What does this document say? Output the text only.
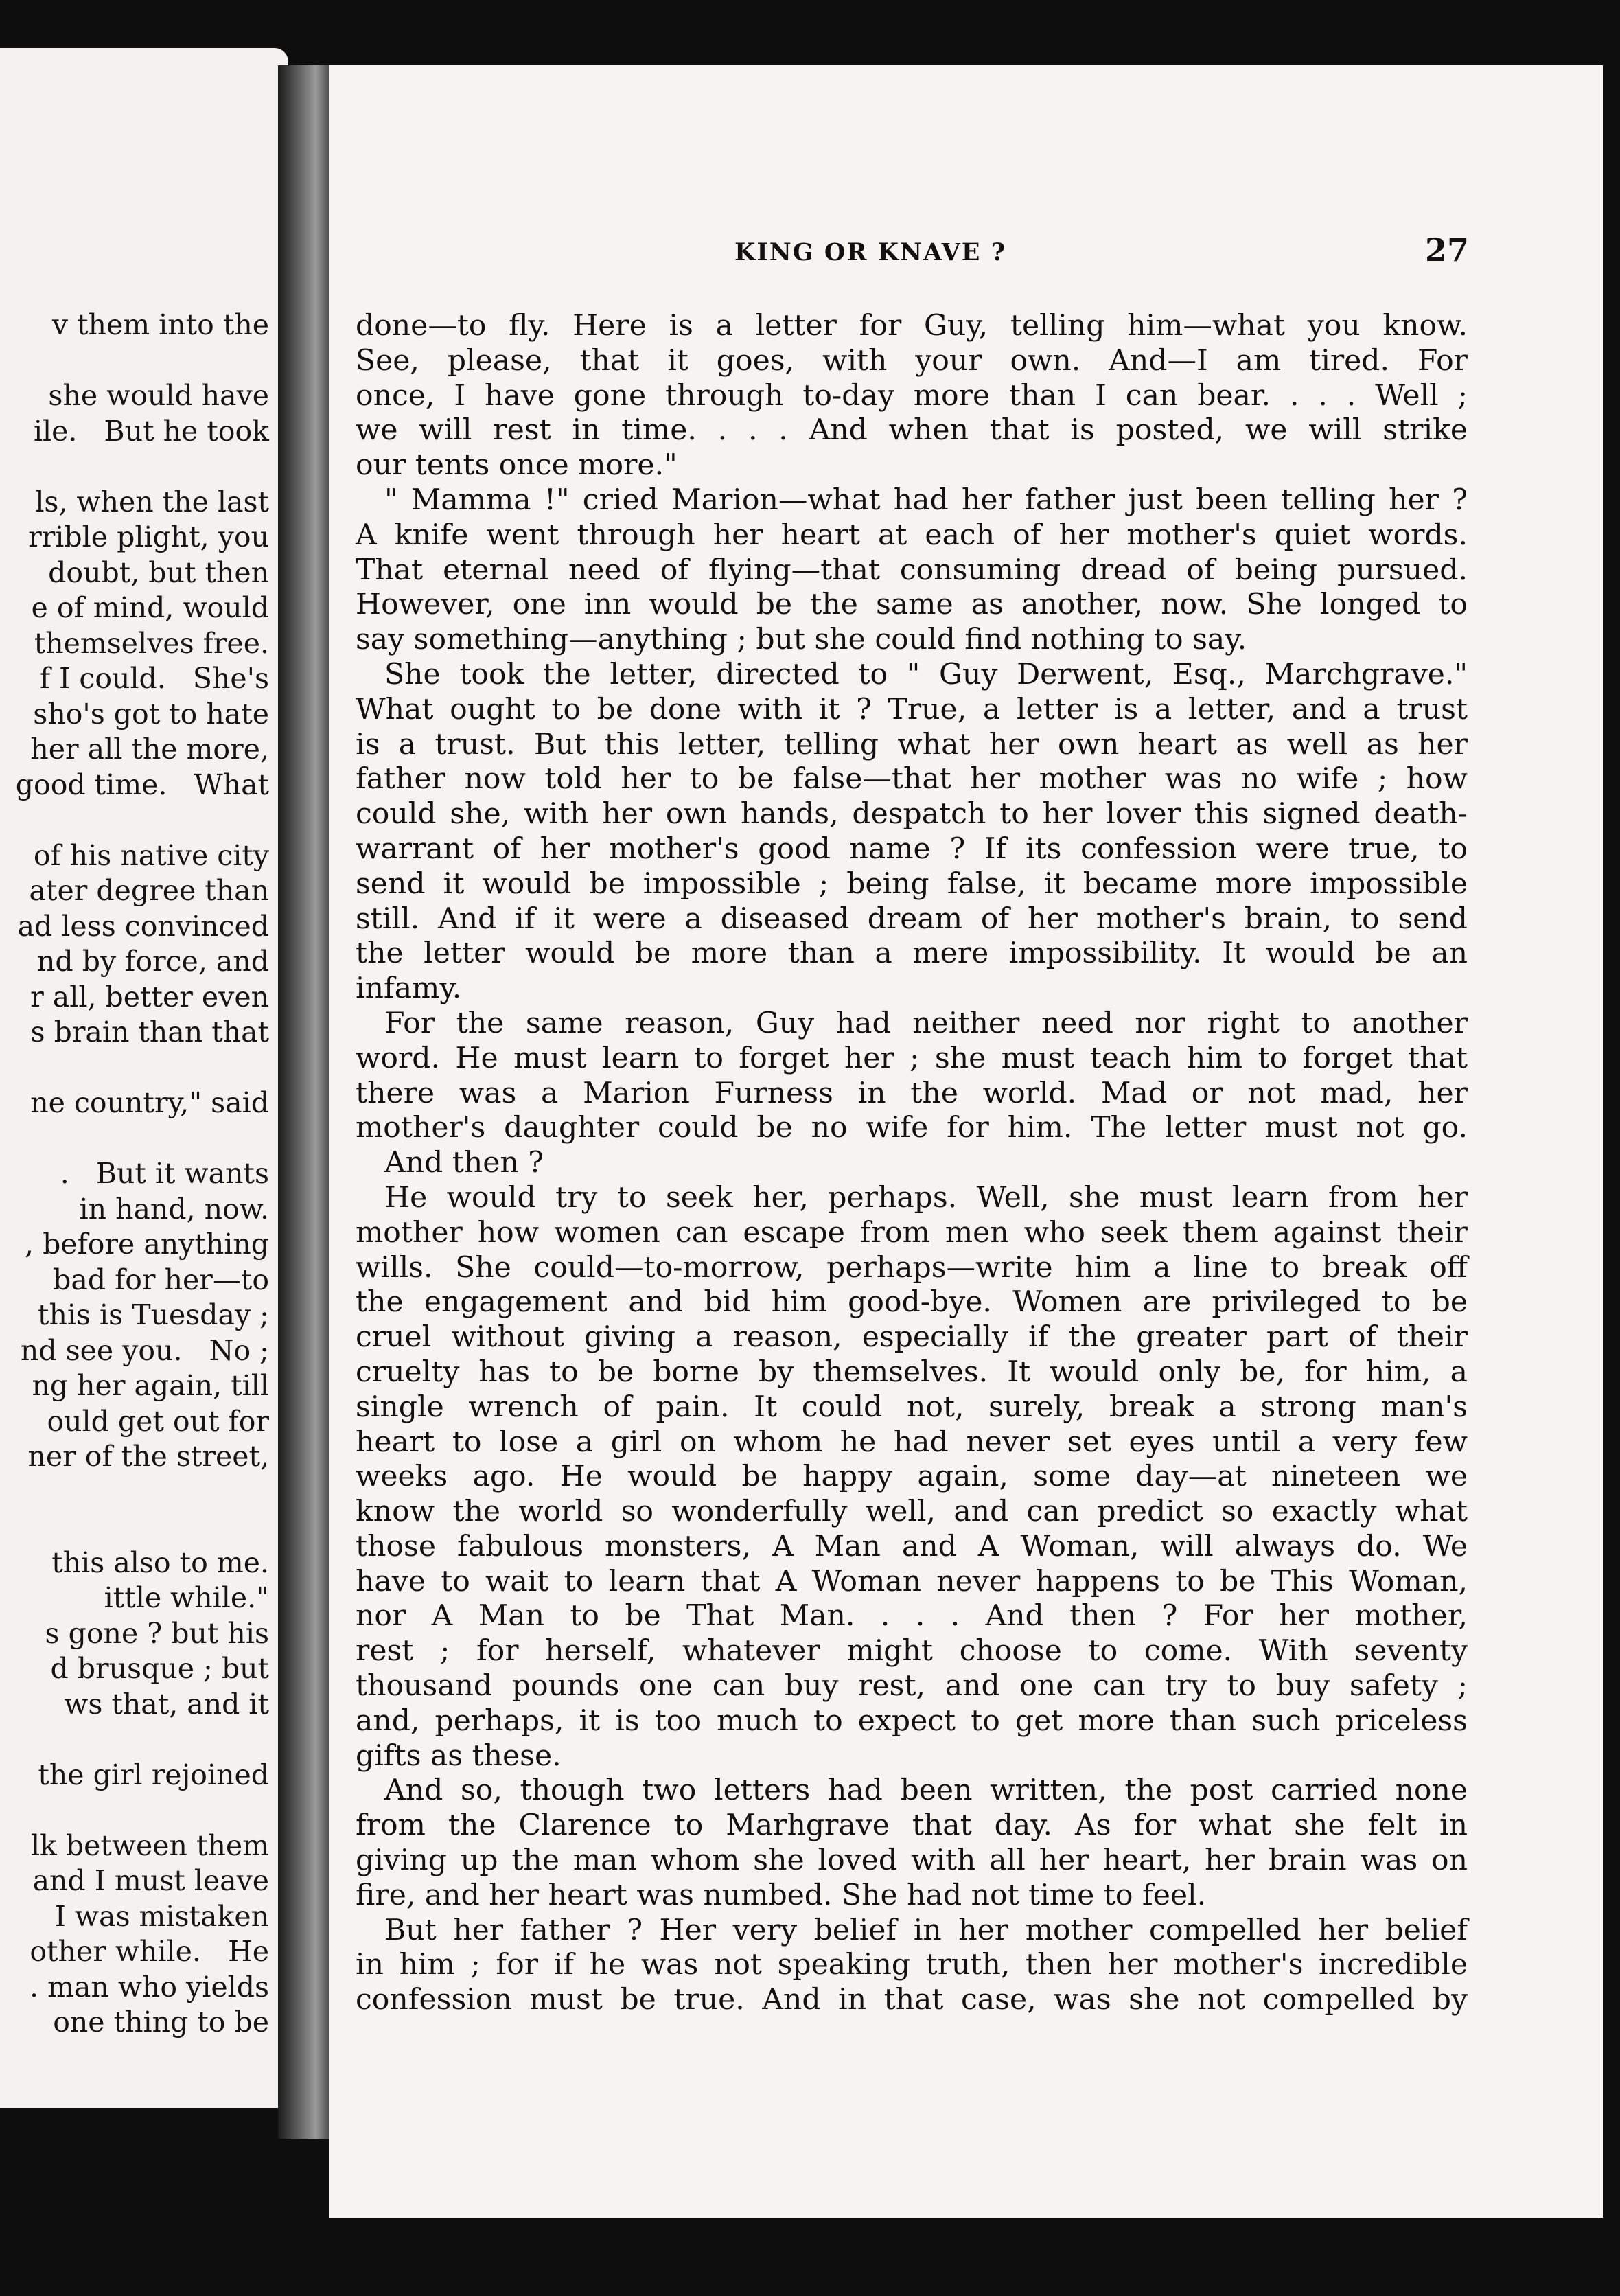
v them into the

she would have
ile.   But he took

ls, when the last
rrible plight, you
doubt, but then
e of mind, would
themselves free.
f I could.   She's
sho's got to hate
her all the more,
good time.   What

of his native city
ater degree than
ad less convinced
nd by force, and
r all, better even
s brain than that

ne country," said

.   But it wants
in hand, now.
, before anything
bad for her—to
this is Tuesday ;
nd see you.   No ;
ng her again, till
ould get out for
ner of the street,

this also to me.
ittle while."
s gone ? but his
d brusque ; but
ws that, and it

the girl rejoined

lk between them
and I must leave
I was mistaken
other while.   He
. man who yields
one thing to be
KING OR KNAVE ?	27
done—to fly. Here is a letter for Guy, telling him—what you know.
See, please, that it goes, with your own. And—I am tired. For
once, I have gone through to-day more than I can bear. . . . Well ;
we will rest in time. . . . And when that is posted, we will strike
our tents once more."
" Mamma !" cried Marion—what had her father just been telling her ?
A knife went through her heart at each of her mother's quiet words.
That eternal need of flying—that consuming dread of being pursued.
However, one inn would be the same as another, now. She longed to
say something—anything ; but she could find nothing to say.
She took the letter, directed to " Guy Derwent, Esq., Marchgrave."
What ought to be done with it ? True, a letter is a letter, and a trust
is a trust. But this letter, telling what her own heart as well as her
father now told her to be false—that her mother was no wife ; how
could she, with her own hands, despatch to her lover this signed death-
warrant of her mother's good name ? If its confession were true, to
send it would be impossible ; being false, it became more impossible
still. And if it were a diseased dream of her mother's brain, to send
the letter would be more than a mere impossibility. It would be an
infamy.
For the same reason, Guy had neither need nor right to another
word. He must learn to forget her ; she must teach him to forget that
there was a Marion Furness in the world. Mad or not mad, her
mother's daughter could be no wife for him. The letter must not go.
And then ?
He would try to seek her, perhaps. Well, she must learn from her
mother how women can escape from men who seek them against their
wills. She could—to-morrow, perhaps—write him a line to break off
the engagement and bid him good-bye. Women are privileged to be
cruel without giving a reason, especially if the greater part of their
cruelty has to be borne by themselves. It would only be, for him, a
single wrench of pain. It could not, surely, break a strong man's
heart to lose a girl on whom he had never set eyes until a very few
weeks ago. He would be happy again, some day—at nineteen we
know the world so wonderfully well, and can predict so exactly what
those fabulous monsters, A Man and A Woman, will always do. We
have to wait to learn that A Woman never happens to be This Woman,
nor A Man to be That Man. . . . And then ? For her mother,
rest ; for herself, whatever might choose to come. With seventy
thousand pounds one can buy rest, and one can try to buy safety ;
and, perhaps, it is too much to expect to get more than such priceless
gifts as these.
And so, though two letters had been written, the post carried none
from the Clarence to Marhgrave that day. As for what she felt in
giving up the man whom she loved with all her heart, her brain was on
fire, and her heart was numbed. She had not time to feel.
But her father ? Her very belief in her mother compelled her belief
in him ; for if he was not speaking truth, then her mother's incredible
confession must be true. And in that case, was she not compelled by
